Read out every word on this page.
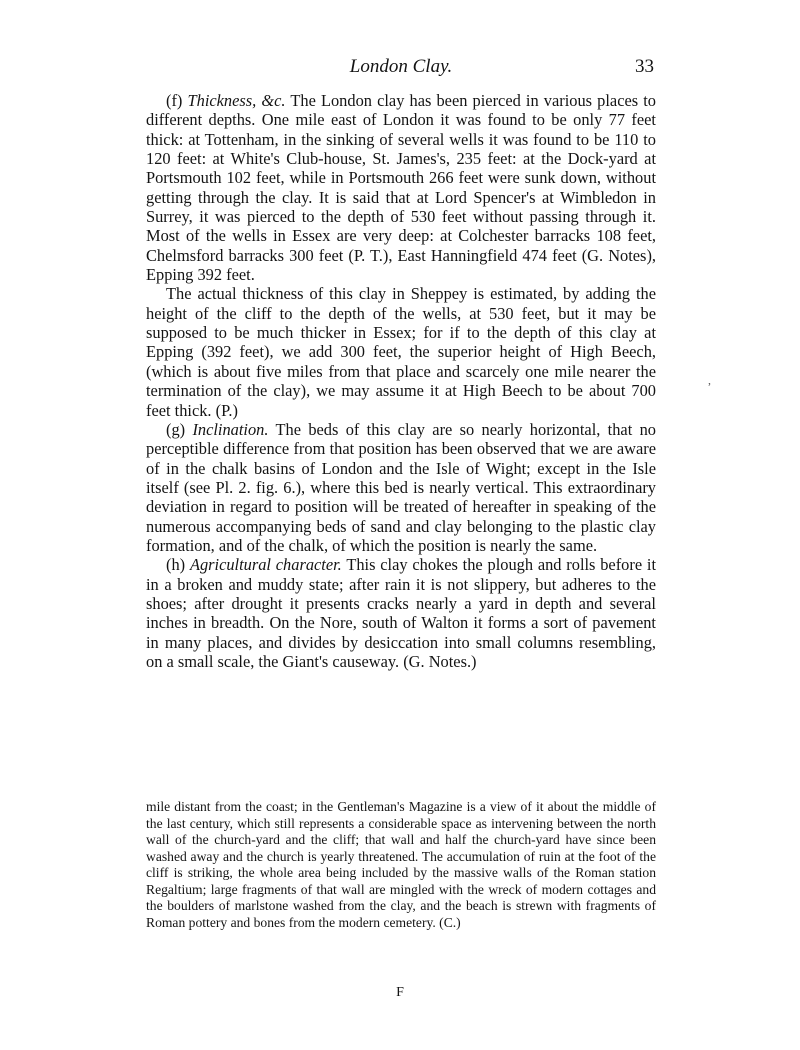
London Clay.	33

(f) Thickness, &c. The London clay has been pierced in various places to different depths. One mile east of London it was found to be only 77 feet thick: at Tottenham, in the sinking of several wells it was found to be 110 to 120 feet: at White's Club-house, St. James's, 235 feet: at the Dock-yard at Portsmouth 102 feet, while in Portsmouth 266 feet were sunk down, without getting through the clay. It is said that at Lord Spencer's at Wimbledon in Surrey, it was pierced to the depth of 530 feet without passing through it. Most of the wells in Essex are very deep: at Colchester barracks 108 feet, Chelmsford barracks 300 feet (P. T.), East Hanningfield 474 feet (G. Notes), Epping 392 feet.

The actual thickness of this clay in Sheppey is estimated, by adding the height of the cliff to the depth of the wells, at 530 feet, but it may be supposed to be much thicker in Essex; for if to the depth of this clay at Epping (392 feet), we add 300 feet, the superior height of High Beech, (which is about five miles from that place and scarcely one mile nearer the termination of the clay), we may assume it at High Beech to be about 700 feet thick. (P.)

(g) Inclination. The beds of this clay are so nearly horizontal, that no perceptible difference from that position has been observed that we are aware of in the chalk basins of London and the Isle of Wight; except in the Isle itself (see Pl. 2. fig. 6.), where this bed is nearly vertical. This extraordinary deviation in regard to position will be treated of hereafter in speaking of the numerous accompanying beds of sand and clay belonging to the plastic clay formation, and of the chalk, of which the position is nearly the same.

(h) Agricultural character. This clay chokes the plough and rolls before it in a broken and muddy state; after rain it is not slippery, but adheres to the shoes; after drought it presents cracks nearly a yard in depth and several inches in breadth. On the Nore, south of Walton it forms a sort of pavement in many places, and divides by desiccation into small columns resembling, on a small scale, the Giant's causeway. (G. Notes.)

,

mile distant from the coast; in the Gentleman's Magazine is a view of it about the middle of the last century, which still represents a considerable space as intervening between the north wall of the church-yard and the cliff; that wall and half the church-yard have since been washed away and the church is yearly threatened. The accumulation of ruin at the foot of the cliff is striking, the whole area being included by the massive walls of the Roman station Regaltium; large fragments of that wall are mingled with the wreck of modern cottages and the boulders of marlstone washed from the clay, and the beach is strewn with fragments of Roman pottery and bones from the modern cemetery. (C.)

F
